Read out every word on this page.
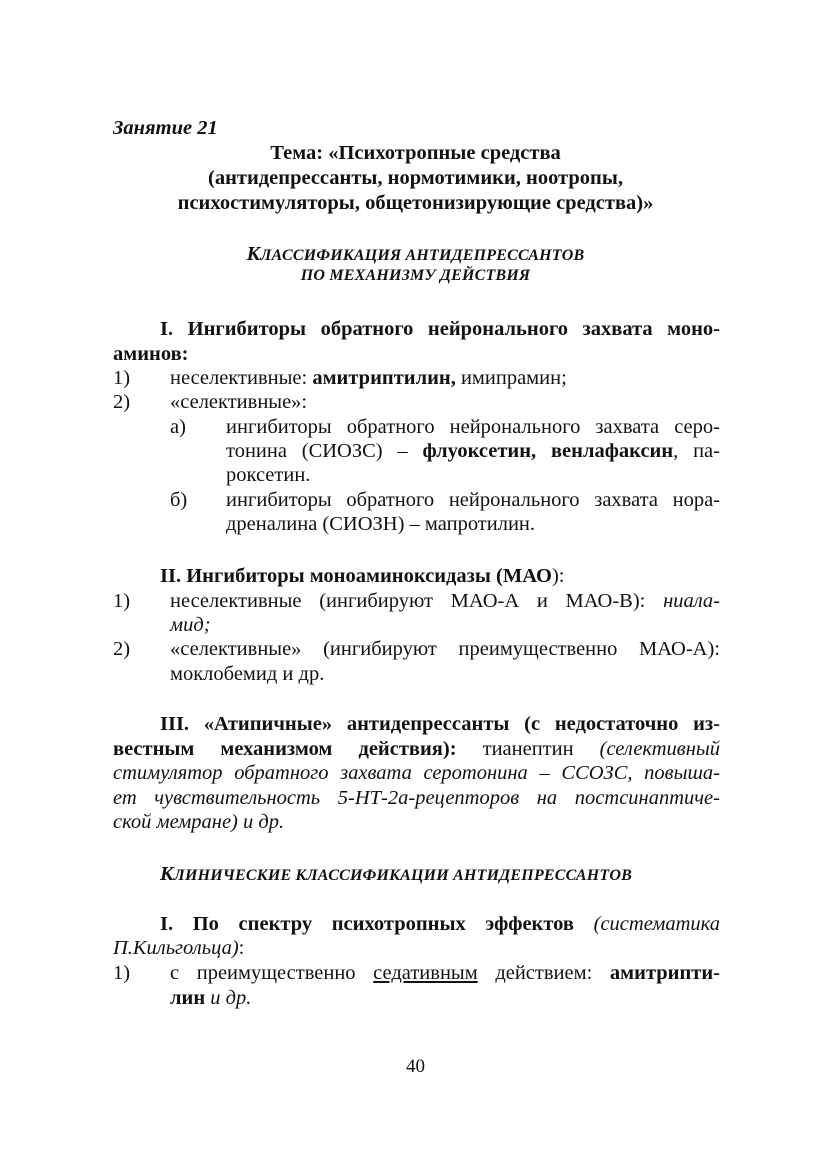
Занятие 21
Тема: «Психотропные средства
(антидепрессанты, нормотимики, ноотропы,
психостимуляторы, общетонизирующие средства)»
КЛАССИФИКАЦИЯ АНТИДЕПРЕССАНТОВ
ПО МЕХАНИЗМУ ДЕЙСТВИЯ
I. Ингибиторы обратного нейронального захвата моно-
аминов:
1) неселективные: амитриптилин, имипрамин;
2) «селективные»:
а) ингибиторы обратного нейронального захвата серо-
тонина (СИОЗС) – флуоксетин, венлафаксин, па-
роксетин.
б) ингибиторы обратного нейронального захвата нора-
дреналина (СИОЗН) – мапротилин.
II. Ингибиторы моноаминоксидазы (МАО):
1) неселективные (ингибируют МАО-А и МАО-В): ниала-
мид;
2) «селективные» (ингибируют преимущественно МАО-А):
моклобемид и др.
III. «Атипичные» антидепрессанты (с недостаточно из-
вестным механизмом действия): тианептин (селективный
стимулятор обратного захвата серотонина – ССОЗС, повыша-
ет чувствительность 5-НТ-2а-рецепторов на постсинаптиче-
ской мемране) и др.
КЛИНИЧЕСКИЕ КЛАССИФИКАЦИИ АНТИДЕПРЕССАНТОВ
I. По спектру психотропных эффектов (систематика
П.Кильгольца):
1) с преимущественно седативным действием: амитрипти-
лин и др.
40
